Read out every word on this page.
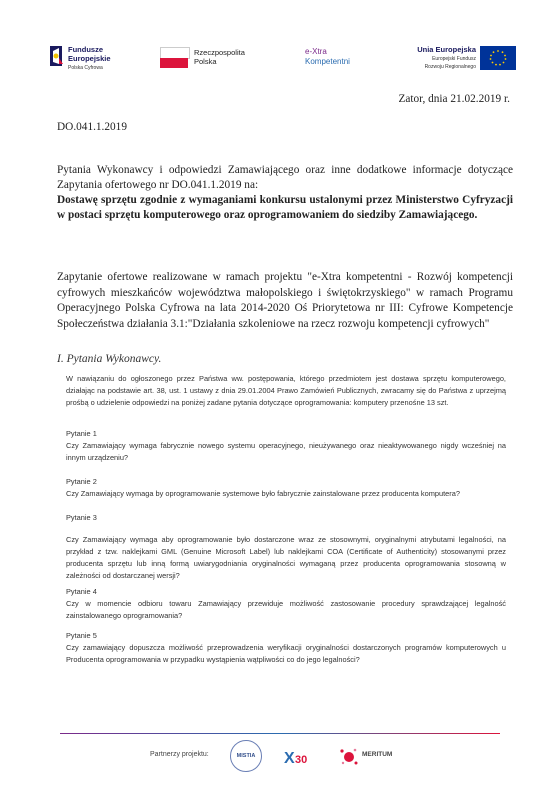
Fundusze
Europejskie
Polska Cyfrowa
Rzeczpospolita
Polska
e-Xtra
Kompetentni
Unia Europejska
Europejski Fundusz
Rozwoju Regionalnego
Zator, dnia 21.02.2019 r.
DO.041.1.2019
Pytania Wykonawcy i odpowiedzi Zamawiającego oraz inne dodatkowe informacje dotyczące Zapytania ofertowego nr DO.041.1.2019 na:
Dostawę sprzętu zgodnie z wymaganiami konkursu ustalonymi przez Ministerstwo Cyfryzacji w postaci sprzętu komputerowego oraz oprogramowaniem do siedziby Zamawiającego.
Zapytanie ofertowe realizowane w ramach projektu "e-Xtra kompetentni - Rozwój kompetencji cyfrowych mieszkańców województwa małopolskiego i świętokrzyskiego" w ramach Programu Operacyjnego Polska Cyfrowa na lata 2014-2020 Oś Priorytetowa nr III: Cyfrowe Kompetencje Społeczeństwa działania 3.1:"Działania szkoleniowe na rzecz rozwoju kompetencji cyfrowych"
I. Pytania Wykonawcy.
W nawiązaniu do ogłoszonego przez Państwa ww. postępowania, którego przedmiotem jest dostawa sprzętu komputerowego, działając na podstawie art. 38, ust. 1 ustawy z dnia 29.01.2004 Prawo Zamówień Publicznych, zwracamy się do Państwa z uprzejmą prośbą o udzielenie odpowiedzi na poniżej zadane pytania dotyczące oprogramowania: komputery przenośne 13 szt.
Pytanie 1
Czy Zamawiający wymaga fabrycznie nowego systemu operacyjnego, nieużywanego oraz nieaktywowanego nigdy wcześniej na innym urządzeniu?
Pytanie 2
Czy Zamawiający wymaga by oprogramowanie systemowe było fabrycznie zainstalowane przez producenta komputera?
Pytanie 3
Czy Zamawiający wymaga aby oprogramowanie było dostarczone wraz ze stosownymi, oryginalnymi atrybutami legalności, na przykład z tzw. naklejkami GML (Genuine Microsoft Label) lub naklejkami COA (Certificate of Authenticity) stosowanymi przez producenta sprzętu lub inną formą uwiarygodniania oryginalności wymaganą przez producenta oprogramowania stosowną w zależności od dostarczanej wersji?
Pytanie 4
Czy w momencie odbioru towaru Zamawiający przewiduje możliwość zastosowanie procedury sprawdzającej legalność zainstalowanego oprogramowania?
Pytanie 5
Czy zamawiający dopuszcza możliwość przeprowadzenia weryfikacji oryginalności dostarczonych programów komputerowych u Producenta oprogramowania w przypadku wystąpienia wątpliwości co do jego legalności?
Partnerzy projektu:	MISTIA X 30	MERITUM
